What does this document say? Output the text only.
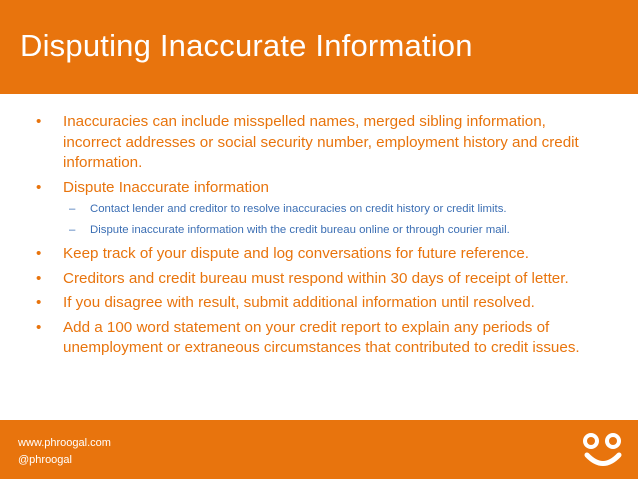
Disputing Inaccurate Information
• Inaccuracies can include misspelled names, merged sibling information, incorrect addresses or social security number, employment history and credit information.
• Dispute Inaccurate information
– Contact lender and creditor to resolve inaccuracies on credit history or credit limits.
– Dispute inaccurate information with the credit bureau online or through courier mail.
• Keep track of your dispute and log conversations for future reference.
• Creditors and credit bureau must respond within 30 days of receipt of letter.
• If you disagree with result, submit additional information until resolved.
• Add a 100 word statement on your credit report to explain any periods of unemployment or extraneous circumstances that contributed to credit issues.
www.phroogal.com
@phroogal
